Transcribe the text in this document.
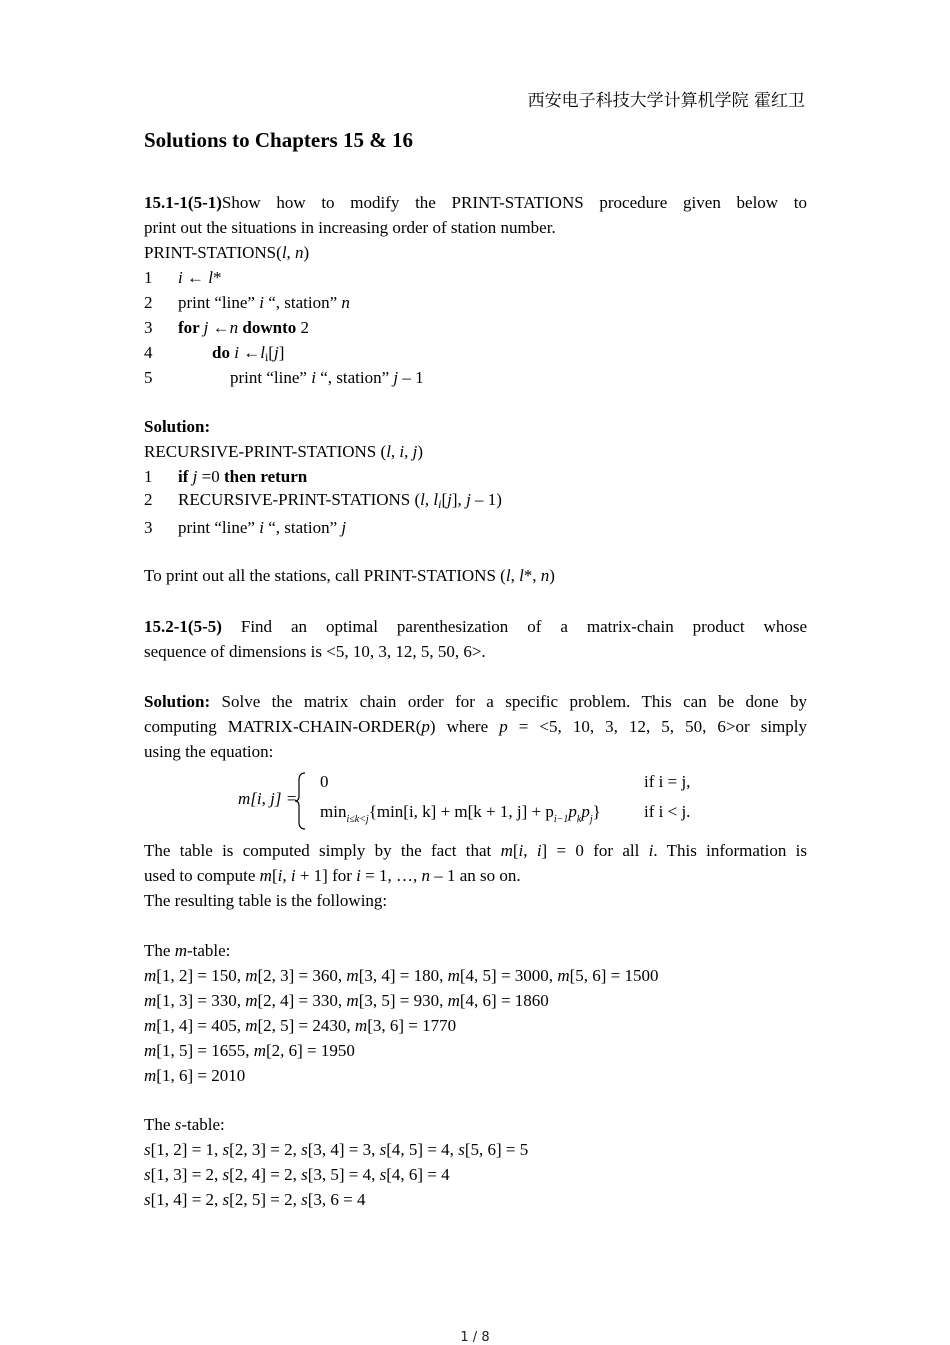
西安电子科技大学计算机学院 霍红卫
Solutions to Chapters 15 & 16
15.1-1(5-1)Show how to modify the PRINT-STATIONS procedure given below to
print out the situations in increasing order of station number.
PRINT-STATIONS(l, n)
1 i ← l*
2 print “line” i “, station” n
3 for j ←n downto 2
4	do i $\leftarrow l_i[j]$
5	print “line” i “, station” j – 1
Solution:
RECURSIVE-PRINT-STATIONS (l, i, j)
1 if j =0 then return
2 RECURSIVE-PRINT-STATIONS (l, li[j], j – 1)
3 print “line” i “, station” j
To print out all the stations, call PRINT-STATIONS (l, l*, n)
15.2-1(5-5) Find an optimal parenthesization of a matrix-chain product whose
sequence of dimensions is <5, 10, 3, 12, 5, 50, 6>.
Solution: Solve the matrix chain order for a specific problem. This can be done by
computing MATRIX-CHAIN-ORDER(p) where p = <5, 10, 3, 12, 5, 50, 6>or simply
using the equation:
m[i, j] =
0
$\min_{i\le k<j}\{\min[i$, k] + m[k + 1, $j] + p_{i-1}p_kp_j$}
if i = j,
if i < j.
The table is computed simply by the fact that m[i, i] = 0 for all i. This information is
used to compute m[i, i + 1] for i = 1, …, n – 1 an so on.
The resulting table is the following:
The m-table:
m[1, 2] = 150, m[2, 3] = 360, m[3, 4] = 180, m[4, 5] = 3000, m[5, 6] = 1500
m[1, 3] = 330, m[2, 4] = 330, m[3, 5] = 930, m[4, 6] = 1860
m[1, 4] = 405, m[2, 5] = 2430, m[3, 6] = 1770
m[1, 5] = 1655, m[2, 6] = 1950
m[1, 6] = 2010
The s-table:
s[1, 2] = 1, s[2, 3] = 2, s[3, 4] = 3, s[4, 5] = 4, s[5, 6] = 5
s[1, 3] = 2, s[2, 4] = 2, s[3, 5] = 4, s[4, 6] = 4
s[1, 4] = 2, s[2, 5] = 2, s[3, 6 = 4
1 / 8
